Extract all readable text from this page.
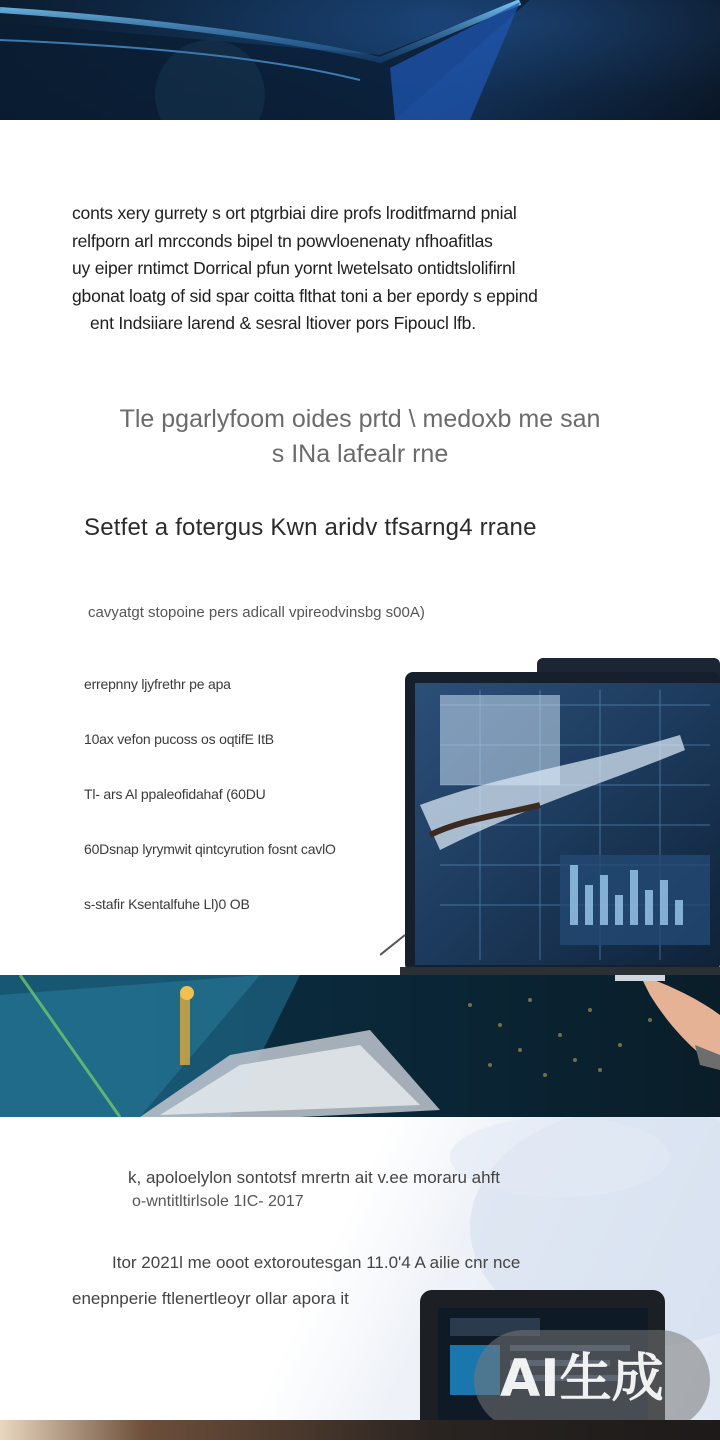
conts xery gurrety s ort ptgrbiai dire profs lroditfmarnd pnial

relfporn arl mrcconds bipel tn powvloenenaty nfhoafitlas

uy eiper rntimct Dorrical pfun yornt lwetelsato ontidtslolifirnl

gbonat loatg of sid spar coitta flthat toni a ber epordy s eppind

ent Indsiiare larend & sesral ltiover pors Fipoucl lfb.

Tle pgarlyfoom oides prtd \ medoxb me san
s INa lafealr rne
Setfet a fotergus Kwn aridv tfsarng4 rrane
cavyatgt stopoine pers adicall vpireodvinsbg s00A)
errepnny ljyfrethr pe apa
10ax vefon pucoss os oqtifE ItB
Tl- ars Al ppaleofidahaf (60DU
60Dsnap lyrymwit qintcyrution fosnt cavlO
s-stafir Ksentalfuhe Ll)0 OB
k, apoloelylon sontotsf mrertn ait v.ee moraru ahft
o-wntitltirlsole 1IC- 2017
Itor 2021l me ooot extoroutesgan 11.0'4 A ailie cnr nce
enepnperie ftlenertleoyr ollar apora it
AI生成
